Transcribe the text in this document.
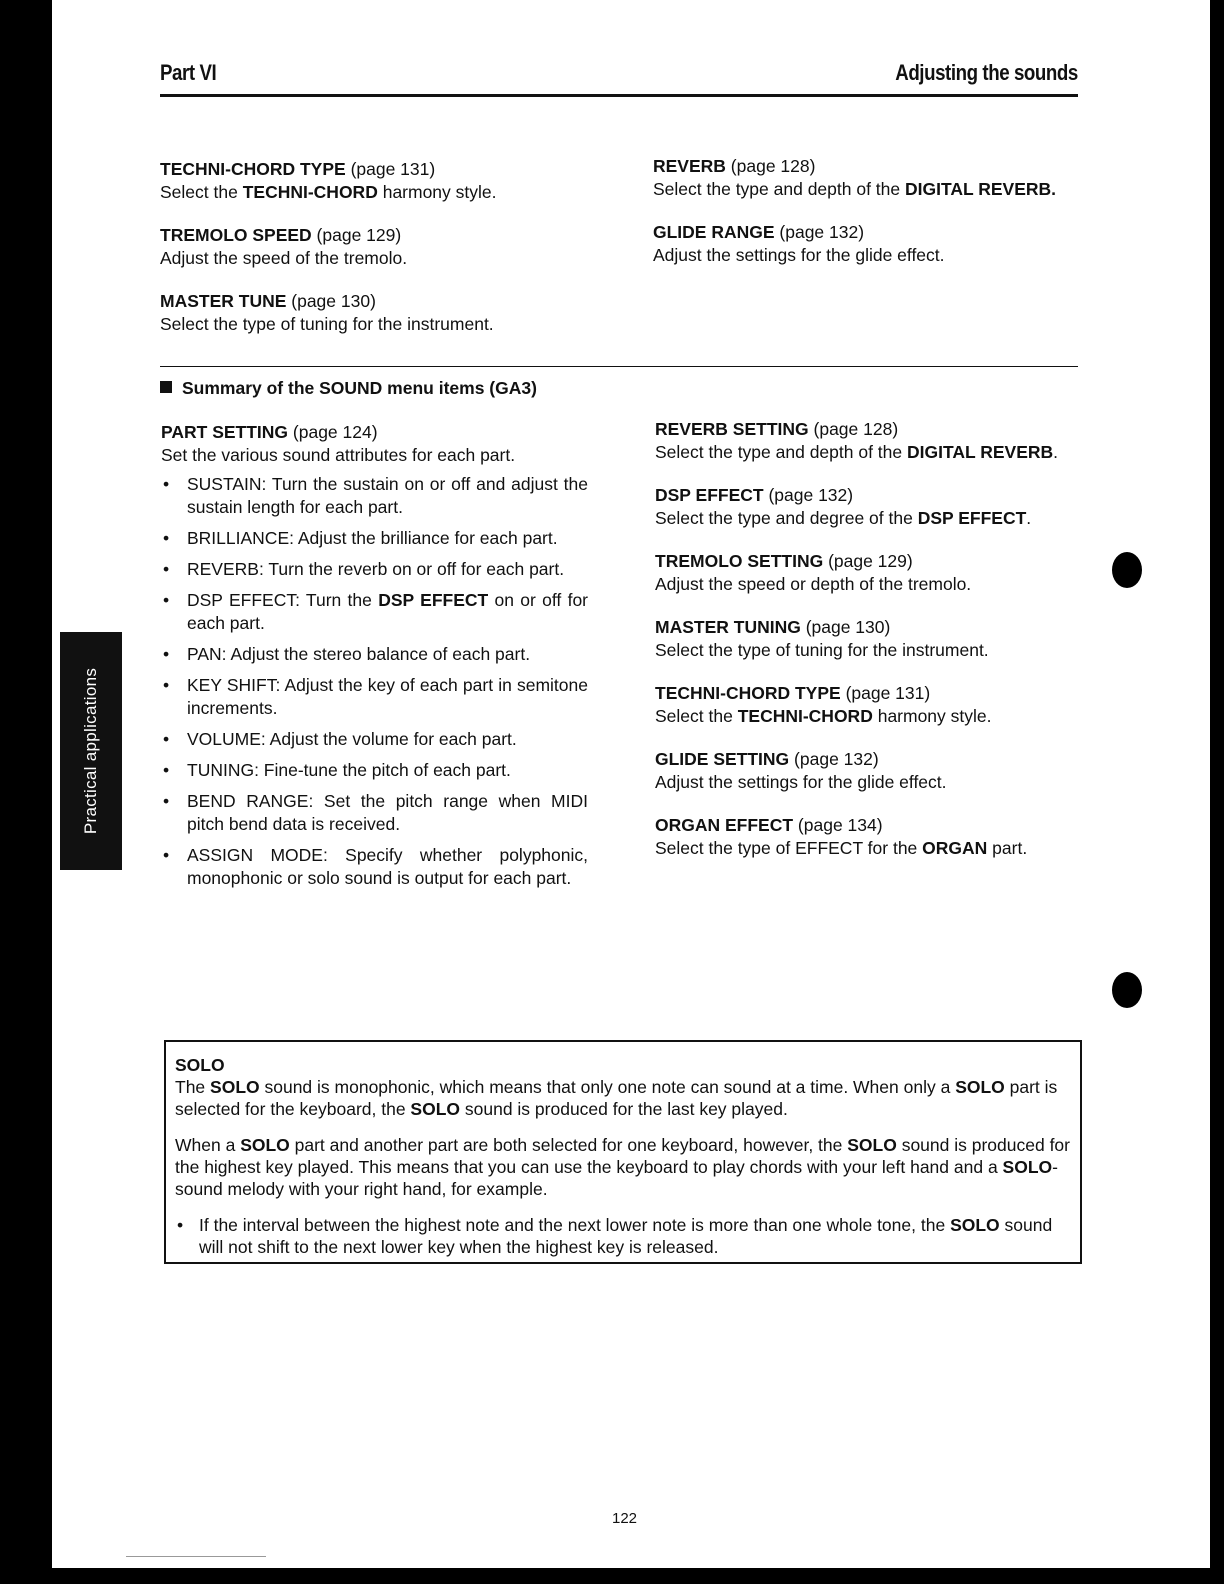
Practical applications
Part VI	Adjusting the sounds
TECHNI-CHORD TYPE (page 131)
Select the TECHNI-CHORD harmony style.
TREMOLO SPEED (page 129)
Adjust the speed of the tremolo.
MASTER TUNE (page 130)
Select the type of tuning for the instrument.
REVERB (page 128)
Select the type and depth of the DIGITAL REVERB.
GLIDE RANGE (page 132)
Adjust the settings for the glide effect.
Summary of the SOUND menu items (GA3)
PART SETTING (page 124)
Set the various sound attributes for each part.
• SUSTAIN: Turn the sustain on or off and adjust the sustain length for each part.
• BRILLIANCE: Adjust the brilliance for each part.
• REVERB: Turn the reverb on or off for each part.
• DSP EFFECT: Turn the DSP EFFECT on or off for each part.
• PAN: Adjust the stereo balance of each part.
• KEY SHIFT: Adjust the key of each part in semitone increments.
• VOLUME: Adjust the volume for each part.
• TUNING: Fine-tune the pitch of each part.
• BEND RANGE: Set the pitch range when MIDI pitch bend data is received.
• ASSIGN MODE: Specify whether polyphonic, monophonic or solo sound is output for each part.
REVERB SETTING (page 128)
Select the type and depth of the DIGITAL REVERB.
DSP EFFECT (page 132)
Select the type and degree of the DSP EFFECT.
TREMOLO SETTING (page 129)
Adjust the speed or depth of the tremolo.
MASTER TUNING (page 130)
Select the type of tuning for the instrument.
TECHNI-CHORD TYPE (page 131)
Select the TECHNI-CHORD harmony style.
GLIDE SETTING (page 132)
Adjust the settings for the glide effect.
ORGAN EFFECT (page 134)
Select the type of EFFECT for the ORGAN part.
SOLO

The SOLO sound is monophonic, which means that only one note can sound at a time. When only a SOLO part is selected for the keyboard, the SOLO sound is produced for the last key played.

When a SOLO part and another part are both selected for one keyboard, however, the SOLO sound is produced for the highest key played. This means that you can use the keyboard to play chords with your left hand and a SOLO-sound melody with your right hand, for example.

• If the interval between the highest note and the next lower note is more than one whole tone, the SOLO sound will not shift to the next lower key when the highest key is released.
122
